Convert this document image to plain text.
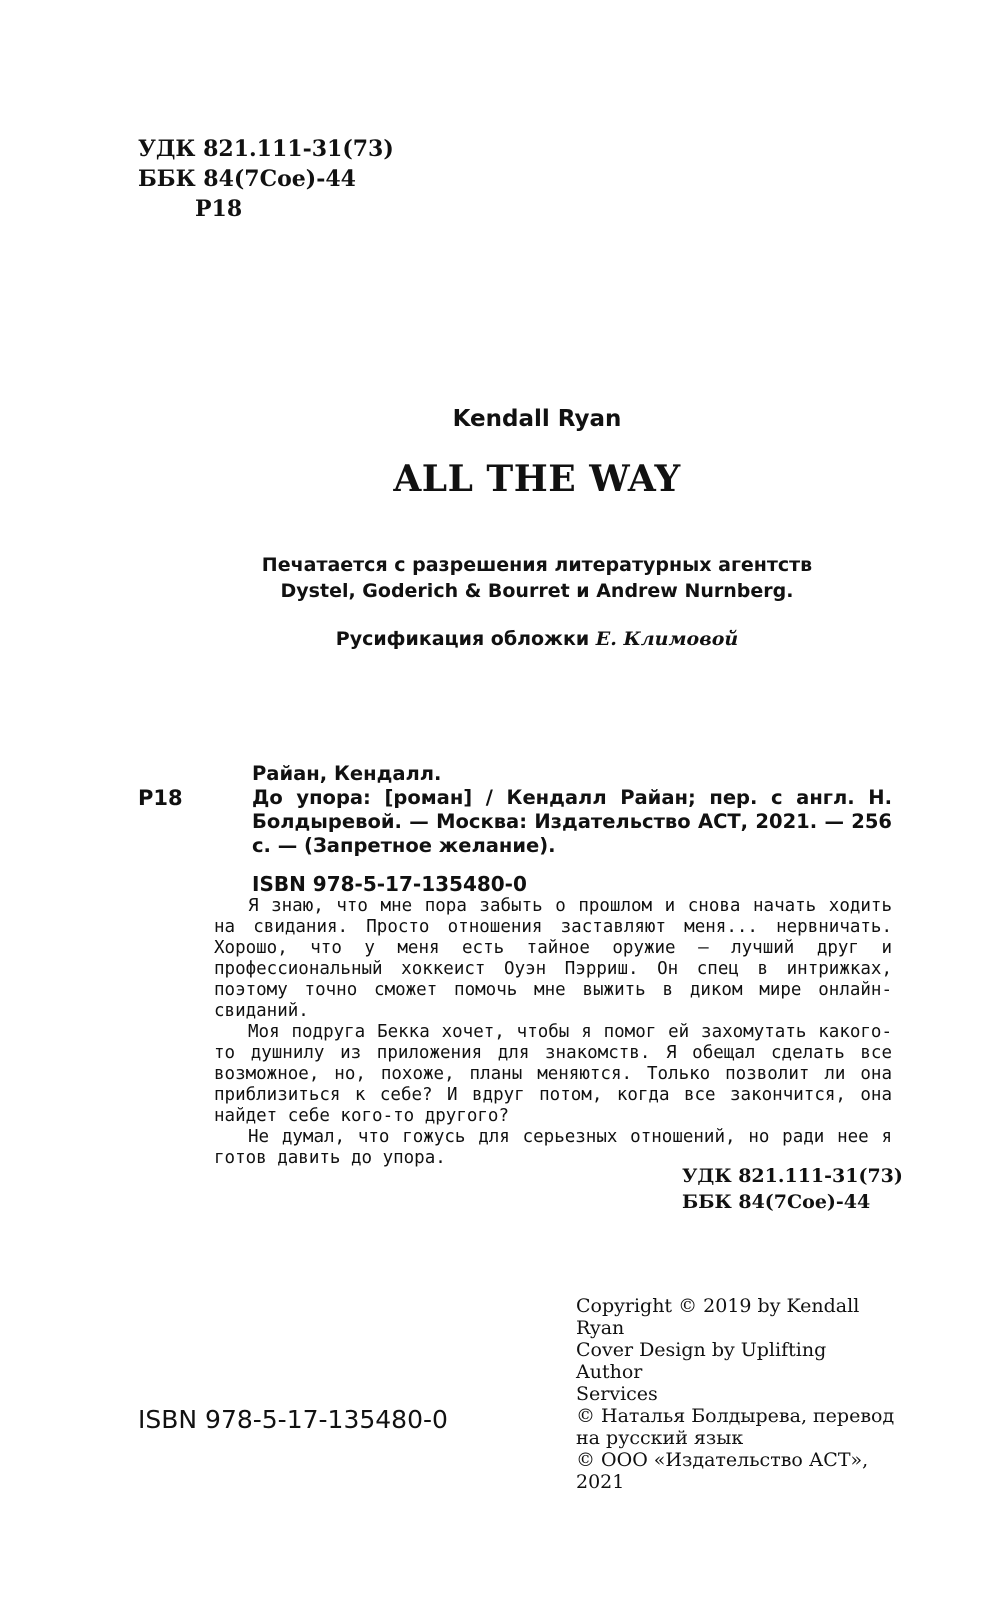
УДК 821.111-31(73)
ББК 84(7Сое)-44
Р18
Kendall Ryan
ALL THE WAY
Печатается с разрешения литературных агентств
Dystel, Goderich & Bourret и Andrew Nurnberg.
Русификация обложки Е. Климовой
Р18
Райан, Кендалл.
До упора: [роман] / Кендалл Райан; пер. с англ. Н. Болдыревой. — Москва: Издательство АСТ, 2021. — 256 с. — (Запретное желание).
ISBN 978-5-17-135480-0

Я знаю, что мне пора забыть о прошлом и снова начать ходить на свидания. Просто отношения заставляют меня... нервничать. Хорошо, что у меня есть тайное оружие — лучший друг и профессиональный хоккеист Оуэн Пэрриш. Он спец в интрижках, поэтому точно сможет помочь мне выжить в диком мире онлайн-свиданий.

Моя подруга Бекка хочет, чтобы я помог ей захомутать какого-то душнилу из приложения для знакомств. Я обещал сделать все возможное, но, похоже, планы меняются. Только позволит ли она приблизиться к себе? И вдруг потом, когда все закончится, она найдет себе кого-то другого?

Не думал, что гожусь для серьезных отношений, но ради нее я готов давить до упора.

УДК 821.111-31(73)
ББК 84(7Сое)-44
Copyright © 2019 by Kendall Ryan
Cover Design by Uplifting Author
Services
© Наталья Болдырева, перевод
на русский язык
© ООО «Издательство АСТ», 2021
ISBN 978-5-17-135480-0
